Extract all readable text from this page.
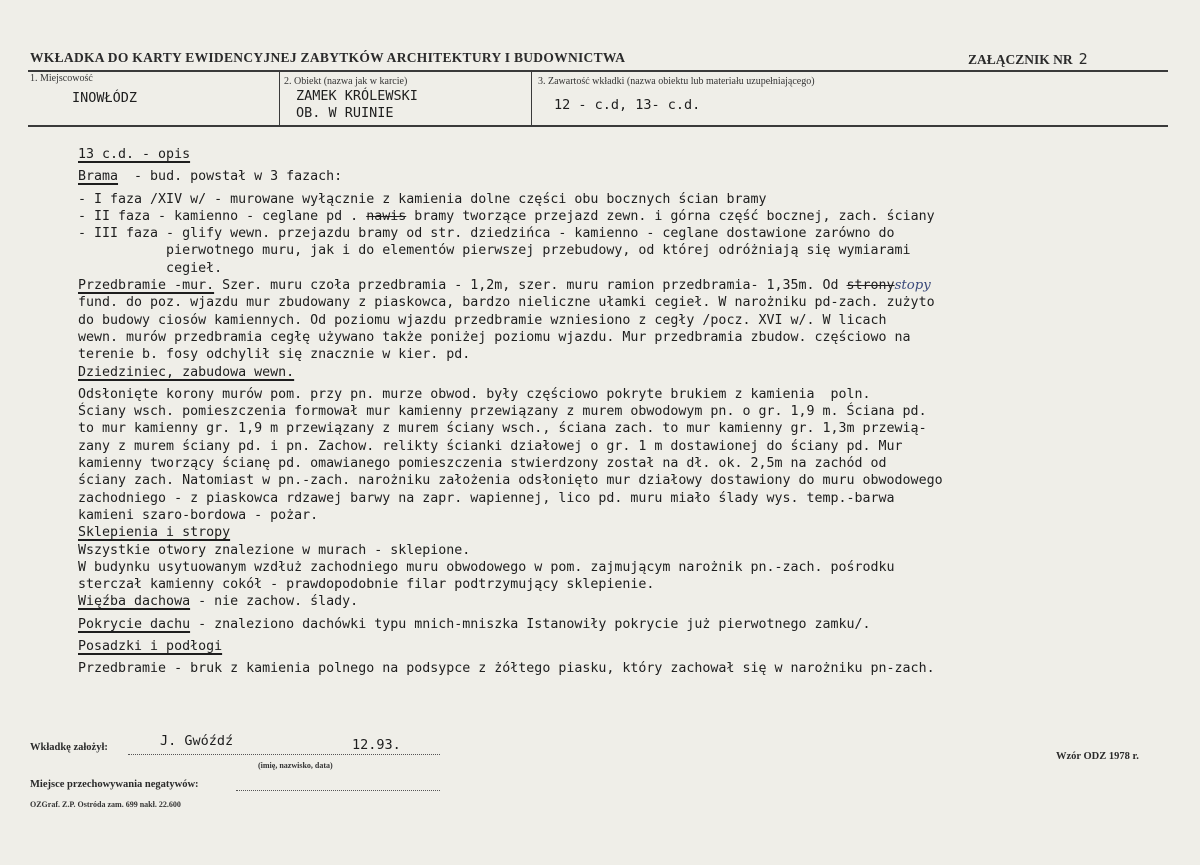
WKŁADKA DO KARTY EWIDENCYJNEJ ZABYTKÓW ARCHITEKTURY I BUDOWNICTWA	ZAŁĄCZNIK NR 2
1. Miejscowość
INOWŁÓDZ
2. Obiekt (nazwa jak w karcie)
ZAMEK KRÓLEWSKI
OB. W RUINIE
3. Zawartość wkładki (nazwa obiektu lub materiału uzupełniającego)
12 - c.d, 13- c.d.
13 c.d. - opis
Brama  - bud. powstał w 3 fazach:
- I faza /XIV w/ - murowane wyłącznie z kamienia dolne części obu bocznych ścian bramy
- II faza - kamienno - ceglane pd . nawis bramy tworzące przejazd zewn. i górna część bocznej, zach. ściany
- III faza - glify wewn. przejazdu bramy od str. dziedzińca - kamienno - ceglane dostawione zarówno do
pierwotnego muru, jak i do elementów pierwszej przebudowy, od której odróżniają się wymiarami
cegieł.
Przedbramie -mur. Szer. muru czoła przedbramia - 1,2m, szer. muru ramion przedbramia- 1,35m. Od stronystopy
fund. do poz. wjazdu mur zbudowany z piaskowca, bardzo nieliczne ułamki cegieł. W narożniku pd-zach. zużyto
do budowy ciosów kamiennych. Od poziomu wjazdu przedbramie wzniesiono z cegły /pocz. XVI w/. W licach
wewn. murów przedbramia cegłę używano także poniżej poziomu wjazdu. Mur przedbramia zbudow. częściowo na
terenie b. fosy odchylił się znacznie w kier. pd.
Dziedziniec, zabudowa wewn.
Odsłonięte korony murów pom. przy pn. murze obwod. były częściowo pokryte brukiem z kamienia  poln.
Ściany wsch. pomieszczenia formował mur kamienny przewiązany z murem obwodowym pn. o gr. 1,9 m. Ściana pd.
to mur kamienny gr. 1,9 m przewiązany z murem ściany wsch., ściana zach. to mur kamienny gr. 1,3m przewią-
zany z murem ściany pd. i pn. Zachow. relikty ścianki działowej o gr. 1 m dostawionej do ściany pd. Mur
kamienny tworzący ścianę pd. omawianego pomieszczenia stwierdzony został na dł. ok. 2,5m na zachód od
ściany zach. Natomiast w pn.-zach. narożniku założenia odsłonięto mur działowy dostawiony do muru obwodowego
zachodniego - z piaskowca rdzawej barwy na zapr. wapiennej, lico pd. muru miało ślady wys. temp.-barwa
kamieni szaro-bordowa - pożar.
Sklepienia i stropy
Wszystkie otwory znalezione w murach - sklepione.
W budynku usytuowanym wzdłuż zachodniego muru obwodowego w pom. zajmującym narożnik pn.-zach. pośrodku
sterczał kamienny cokół - prawdopodobnie filar podtrzymujący sklepienie.
Więźba dachowa - nie zachow. ślady.
Pokrycie dachu - znaleziono dachówki typu mnich-mniszka Istanowiły pokrycie już pierwotnego zamku/.
Posadzki i podłogi
Przedbramie - bruk z kamienia polnego na podsypce z żółtego piasku, który zachował się w narożniku pn-zach.
Wkładkę założył:	J. Gwóźdź	12.93.
(imię, nazwisko, data)
Wzór ODZ 1978 r.
Miejsce przechowywania negatywów:
OZGraf. Z.P. Ostróda zam. 699 nakł. 22.600
